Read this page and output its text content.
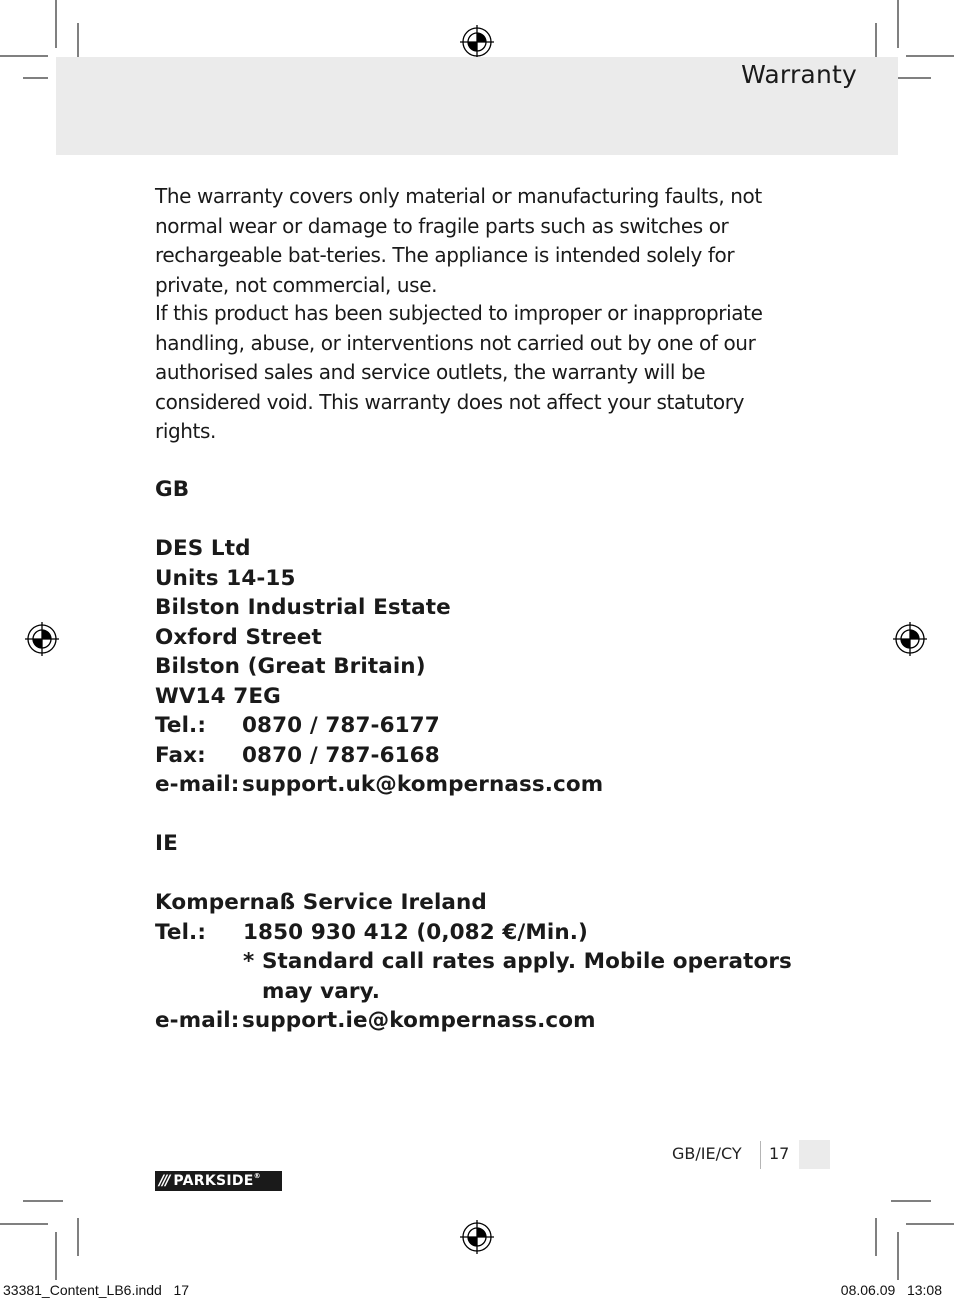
Warranty

The warranty covers only material or manufacturing faults, not normal wear or damage to fragile parts such as switches or rechargeable bat-teries. The appliance is intended solely for private, not commercial, use.

If this product has been subjected to improper or inappropriate handling, abuse, or interventions not carried out by one of our authorised sales and service outlets, the warranty will be considered void. This warranty does not affect your statutory rights.

GB
DES Ltd
Units 14-15
Bilston Industrial Estate
Oxford Street
Bilston (Great Britain)
WV14 7EG
Tel.: 0870 / 787-6177
Fax: 0870 / 787-6168
e-mail: support.uk@kompernass.com
IE
Kompernaß Service Ireland
Tel.: 1850 930 412 (0,082 €/Min.)
* Standard call rates apply. Mobile operators
may vary.
e-mail: support.ie@kompernass.com
GB/IE/CY 17
/// PARKSIDE®
33381_Content_LB6.indd   17	08.06.09   13:08
